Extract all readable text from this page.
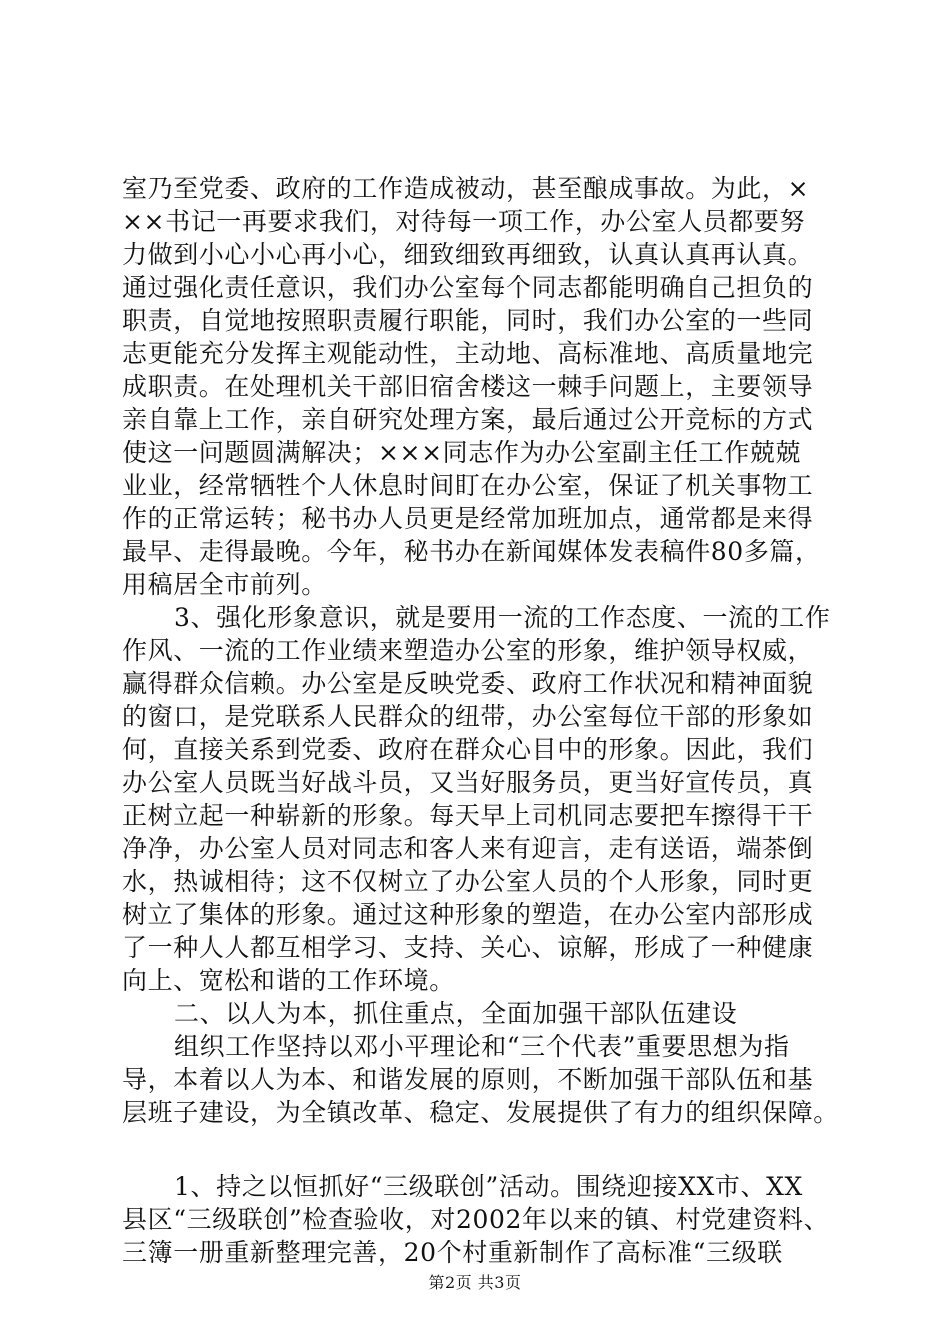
室乃至党委、政府的工作造成被动，甚至酿成事故。为此，×
××书记一再要求我们，对待每一项工作，办公室人员都要努
力做到小心小心再小心，细致细致再细致，认真认真再认真。
通过强化责任意识，我们办公室每个同志都能明确自己担负的
职责，自觉地按照职责履行职能，同时，我们办公室的一些同
志更能充分发挥主观能动性，主动地、高标准地、高质量地完
成职责。在处理机关干部旧宿舍楼这一棘手问题上，主要领导
亲自靠上工作，亲自研究处理方案，最后通过公开竞标的方式
使这一问题圆满解决；×××同志作为办公室副主任工作兢兢
业业，经常牺牲个人休息时间盯在办公室，保证了机关事物工
作的正常运转；秘书办人员更是经常加班加点，通常都是来得
最早、走得最晚。今年，秘书办在新闻媒体发表稿件80多篇，
用稿居全市前列。
3、强化形象意识，就是要用一流的工作态度、一流的工作
作风、一流的工作业绩来塑造办公室的形象，维护领导权威，
赢得群众信赖。办公室是反映党委、政府工作状况和精神面貌
的窗口，是党联系人民群众的纽带，办公室每位干部的形象如
何，直接关系到党委、政府在群众心目中的形象。因此，我们
办公室人员既当好战斗员，又当好服务员，更当好宣传员，真
正树立起一种崭新的形象。每天早上司机同志要把车擦得干干
净净，办公室人员对同志和客人来有迎言，走有送语，端茶倒
水，热诚相待；这不仅树立了办公室人员的个人形象，同时更
树立了集体的形象。通过这种形象的塑造，在办公室内部形成
了一种人人都互相学习、支持、关心、谅解，形成了一种健康
向上、宽松和谐的工作环境。
二、以人为本，抓住重点，全面加强干部队伍建设
组织工作坚持以邓小平理论和“三个代表”重要思想为指
导，本着以人为本、和谐发展的原则，不断加强干部队伍和基
层班子建设，为全镇改革、稳定、发展提供了有力的组织保障。
1、持之以恒抓好“三级联创”活动。围绕迎接XX市、XX
县区“三级联创”检查验收，对2002年以来的镇、村党建资料、
三簿一册重新整理完善，20个村重新制作了高标准“三级联
第2页 共3页
